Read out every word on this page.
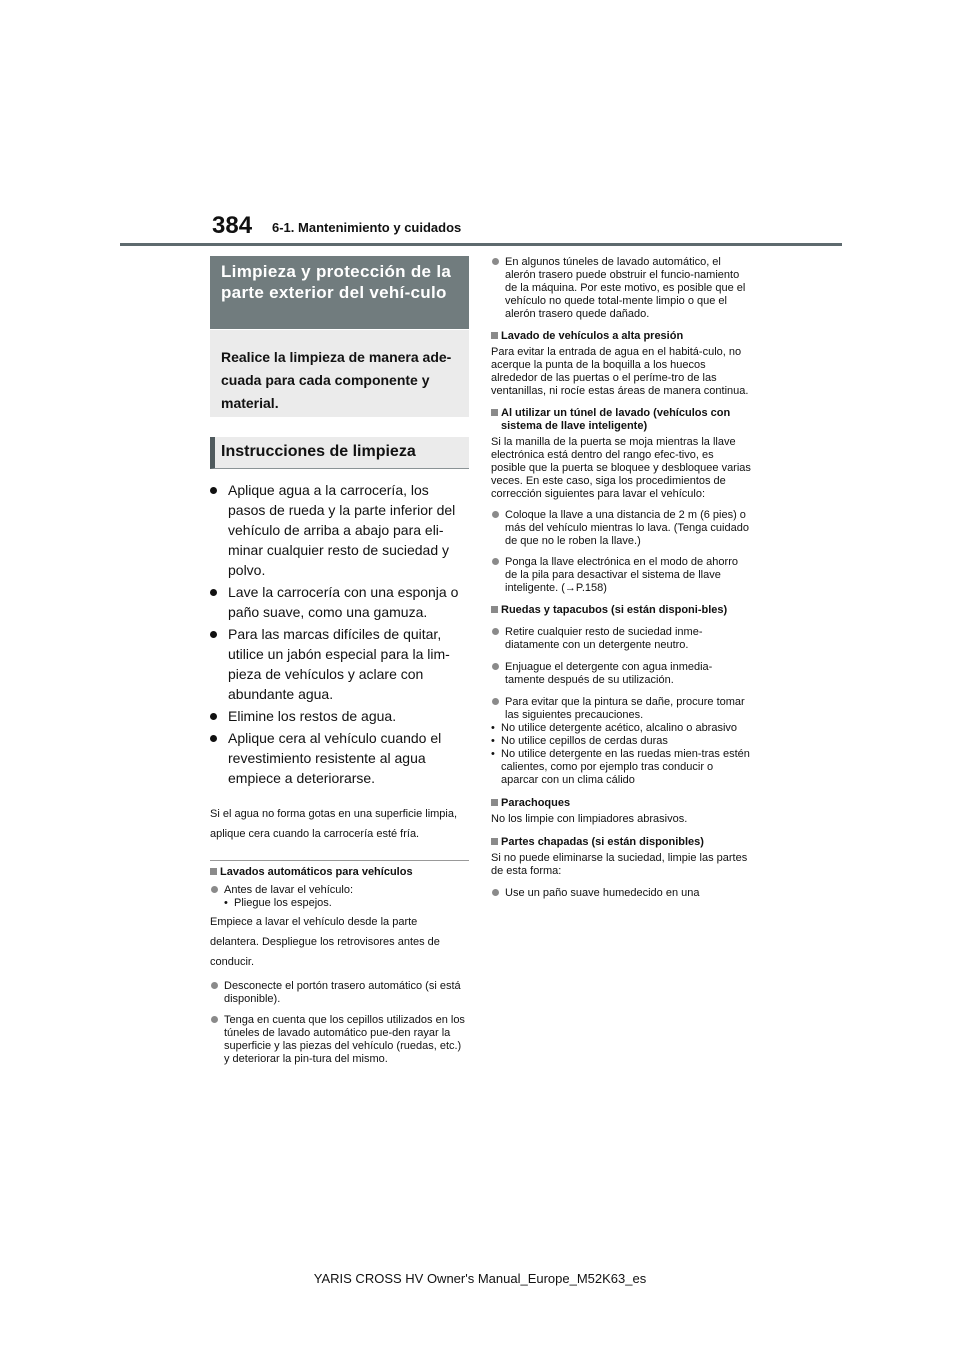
384 6-1. Mantenimiento y cuidados
Limpieza y protección de la parte exterior del vehí-culo
Realice la limpieza de manera ade-cuada para cada componente y material.
Instrucciones de limpieza
Aplique agua a la carrocería, los pasos de rueda y la parte inferior del vehículo de arriba a abajo para eli-minar cualquier resto de suciedad y polvo.
Lave la carrocería con una esponja o paño suave, como una gamuza.
Para las marcas difíciles de quitar, utilice un jabón especial para la lim-pieza de vehículos y aclare con abundante agua.
Elimine los restos de agua.
Aplique cera al vehículo cuando el revestimiento resistente al agua empiece a deteriorarse.
Si el agua no forma gotas en una superficie limpia, aplique cera cuando la carrocería esté fría.
Lavados automáticos para vehículos
Antes de lavar el vehículo:
• Pliegue los espejos.
Empiece a lavar el vehículo desde la parte delantera. Despliegue los retrovisores antes de conducir.
Desconecte el portón trasero automático (si está disponible).
Tenga en cuenta que los cepillos utilizados en los túneles de lavado automático pue-den rayar la superficie y las piezas del vehículo (ruedas, etc.) y deteriorar la pin-tura del mismo.
En algunos túneles de lavado automático, el alerón trasero puede obstruir el funcio-namiento de la máquina. Por este motivo, es posible que el vehículo no quede total-mente limpio o que el alerón trasero quede dañado.
Lavado de vehículos a alta presión
Para evitar la entrada de agua en el habitá-culo, no acerque la punta de la boquilla a los huecos alrededor de las puertas o el períme-tro de las ventanillas, ni rocíe estas áreas de manera continua.
Al utilizar un túnel de lavado (vehículos con sistema de llave inteligente)
Si la manilla de la puerta se moja mientras la llave electrónica está dentro del rango efec-tivo, es posible que la puerta se bloquee y desbloquee varias veces. En este caso, siga los procedimientos de corrección siguientes para lavar el vehículo:
Coloque la llave a una distancia de 2 m (6 pies) o más del vehículo mientras lo lava. (Tenga cuidado de que no le roben la llave.)
Ponga la llave electrónica en el modo de ahorro de la pila para desactivar el sistema de llave inteligente. (→P.158)
Ruedas y tapacubos (si están disponi-bles)
Retire cualquier resto de suciedad inme-diatamente con un detergente neutro.
Enjuague el detergente con agua inmedia-tamente después de su utilización.
Para evitar que la pintura se dañe, procure tomar las siguientes precauciones.
• No utilice detergente acético, alcalino o abrasivo
• No utilice cepillos de cerdas duras
• No utilice detergente en las ruedas mien-tras estén calientes, como por ejemplo tras conducir o aparcar con un clima cálido
Parachoques
No los limpie con limpiadores abrasivos.
Partes chapadas (si están disponibles)
Si no puede eliminarse la suciedad, limpie las partes de esta forma:
Use un paño suave humedecido en una
YARIS CROSS HV Owner's Manual_Europe_M52K63_es
